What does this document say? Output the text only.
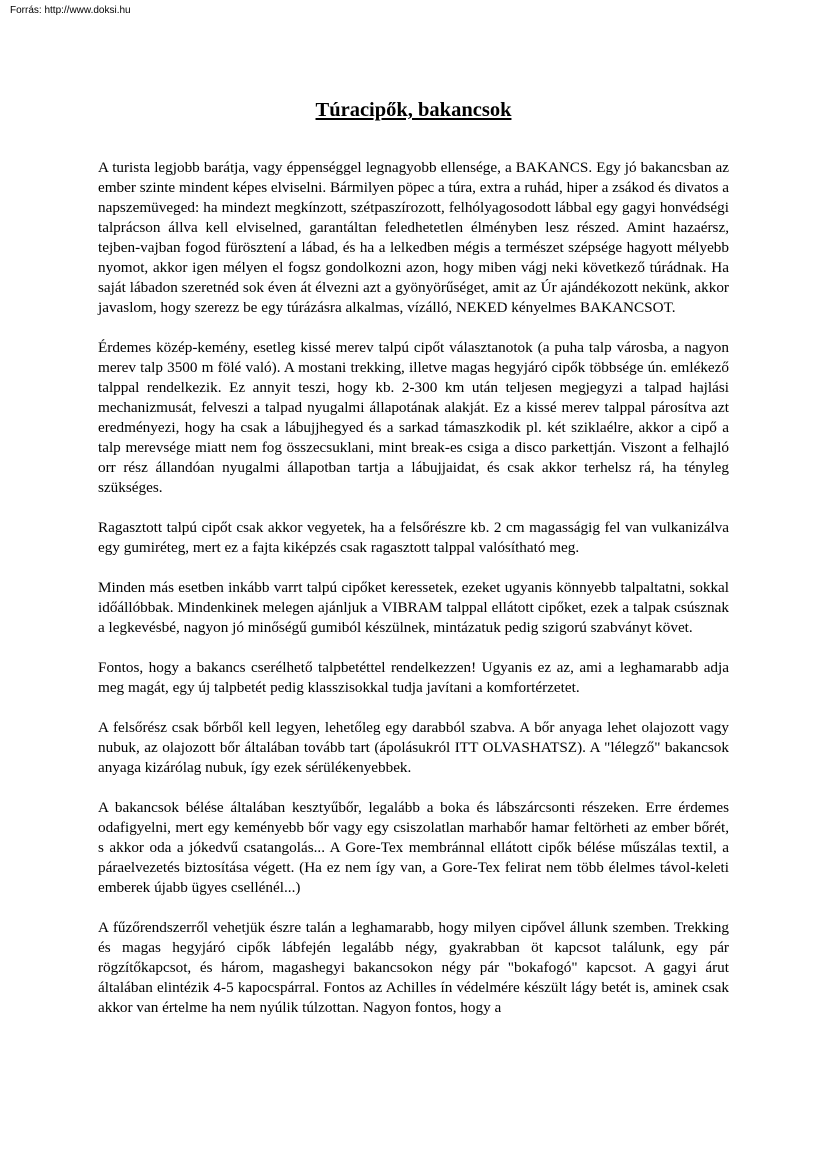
Forrás: http://www.doksi.hu
Túracipők, bakancsok

A turista legjobb barátja, vagy éppenséggel legnagyobb ellensége, a BAKANCS. Egy jó bakancsban az ember szinte mindent képes elviselni. Bármilyen pöpec a túra, extra a ruhád, hiper a zsákod és divatos a napszemüveged: ha mindezt megkínzott, szétpaszírozott, felhólyagosodott lábbal egy gagyi honvédségi talprácson állva kell elviselned, garantáltan feledhetetlen élményben lesz részed. Amint hazaérsz, tejben-vajban fogod fürösztení a lábad, és ha a lelkedben mégis a természet szépsége hagyott mélyebb nyomot, akkor igen mélyen el fogsz gondolkozni azon, hogy miben vágj neki következő túrádnak. Ha saját lábadon szeretnéd sok éven át élvezni azt a gyönyörűséget, amit az Úr ajándékozott nekünk, akkor javaslom, hogy szerezz be egy túrázásra alkalmas, vízálló, NEKED kényelmes BAKANCSOT.

Érdemes közép-kemény, esetleg kissé merev talpú cipőt választanotok (a puha talp városba, a nagyon merev talp 3500 m fölé való). A mostani trekking, illetve magas hegyjáró cipők többsége ún. emlékező talppal rendelkezik. Ez annyit teszi, hogy kb. 2-300 km után teljesen megjegyzi a talpad hajlási mechanizmusát, felveszi a talpad nyugalmi állapotának alakját. Ez a kissé merev talppal párosítva azt eredményezi, hogy ha csak a lábujjhegyed és a sarkad támaszkodik pl. két sziklaélre, akkor a cipő a talp merevsége miatt nem fog összecsuklani, mint break-es csiga a disco parkettján. Viszont a felhajló orr rész állandóan nyugalmi állapotban tartja a lábujjaidat, és csak akkor terhelsz rá, ha tényleg szükséges.

Ragasztott talpú cipőt csak akkor vegyetek, ha a felsőrészre kb. 2 cm magasságig fel van vulkanizálva egy gumiréteg, mert ez a fajta kiképzés csak ragasztott talppal valósítható meg.

Minden más esetben inkább varrt talpú cipőket keressetek, ezeket ugyanis könnyebb talpaltatni, sokkal időállóbbak. Mindenkinek melegen ajánljuk a VIBRAM talppal ellátott cipőket, ezek a talpak csúsznak a legkevésbé, nagyon jó minőségű gumiból készülnek, mintázatuk pedig szigorú szabványt követ.

Fontos, hogy a bakancs cserélhető talpbetéttel rendelkezzen! Ugyanis ez az, ami a leghamarabb adja meg magát, egy új talpbetét pedig klasszisokkal tudja javítani a komfortérzetet.

A felsőrész csak bőrből kell legyen, lehetőleg egy darabból szabva. A bőr anyaga lehet olajozott vagy nubuk, az olajozott bőr általában tovább tart (ápolásukról ITT OLVASHATSZ). A "lélegző" bakancsok anyaga kizárólag nubuk, így ezek sérülékenyebbek.

A bakancsok bélése általában kesztyűbőr, legalább a boka és lábszárcsonti részeken. Erre érdemes odafigyelni, mert egy keményebb bőr vagy egy csiszolatlan marhabőr hamar feltörheti az ember bőrét, s akkor oda a jókedvű csatangolás... A Gore-Tex membránnal ellátott cipők bélése műszálas textil, a páraelvezetés biztosítása végett. (Ha ez nem így van, a Gore-Tex felirat nem több élelmes távol-keleti emberek újabb ügyes csellénél...)

A fűzőrendszerről vehetjük észre talán a leghamarabb, hogy milyen cipővel állunk szemben. Trekking és magas hegyjáró cipők lábfején legalább négy, gyakrabban öt kapcsot találunk, egy pár rögzítőkapcsot, és három, magashegyi bakancsokon négy pár "bokafogó" kapcsot. A gagyi árut általában elintézik 4-5 kapocspárral. Fontos az Achilles ín védelmére készült lágy betét is, aminek csak akkor van értelme ha nem nyúlik túlzottan. Nagyon fontos, hogy a
